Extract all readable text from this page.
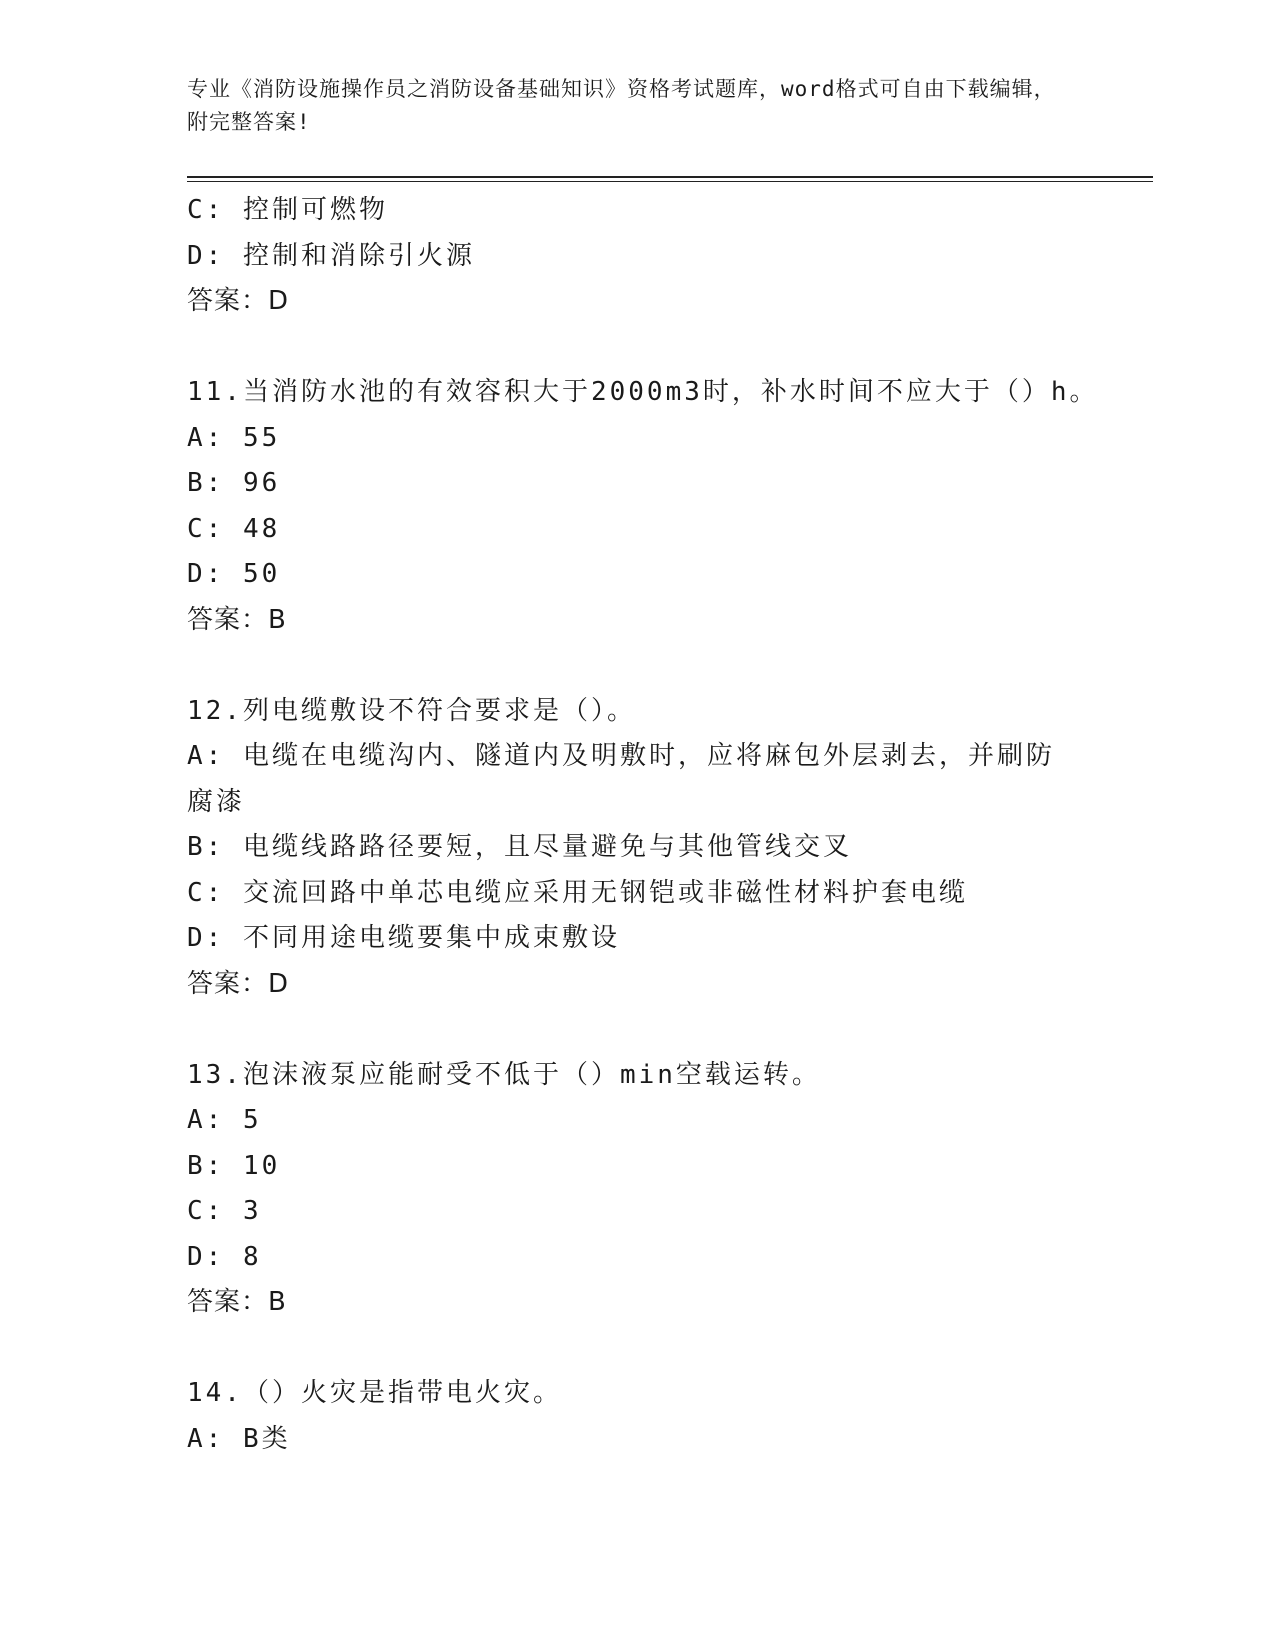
专业《消防设施操作员之消防设备基础知识》资格考试题库，word格式可自由下载编辑，附完整答案!
C: 控制可燃物
D: 控制和消除引火源
答案：D
11.当消防水池的有效容积大于2000m3时，补水时间不应大于（）h。
A: 55
B: 96
C: 48
D: 50
答案：B
12.列电缆敷设不符合要求是（）。
A: 电缆在电缆沟内、隧道内及明敷时，应将麻包外层剥去，并刷防腐漆
B: 电缆线路路径要短，且尽量避免与其他管线交叉
C: 交流回路中单芯电缆应采用无钢铠或非磁性材料护套电缆
D: 不同用途电缆要集中成束敷设
答案：D
13.泡沫液泵应能耐受不低于（）min空载运转。
A: 5
B: 10
C: 3
D: 8
答案：B
14.（）火灾是指带电火灾。
A: B类
